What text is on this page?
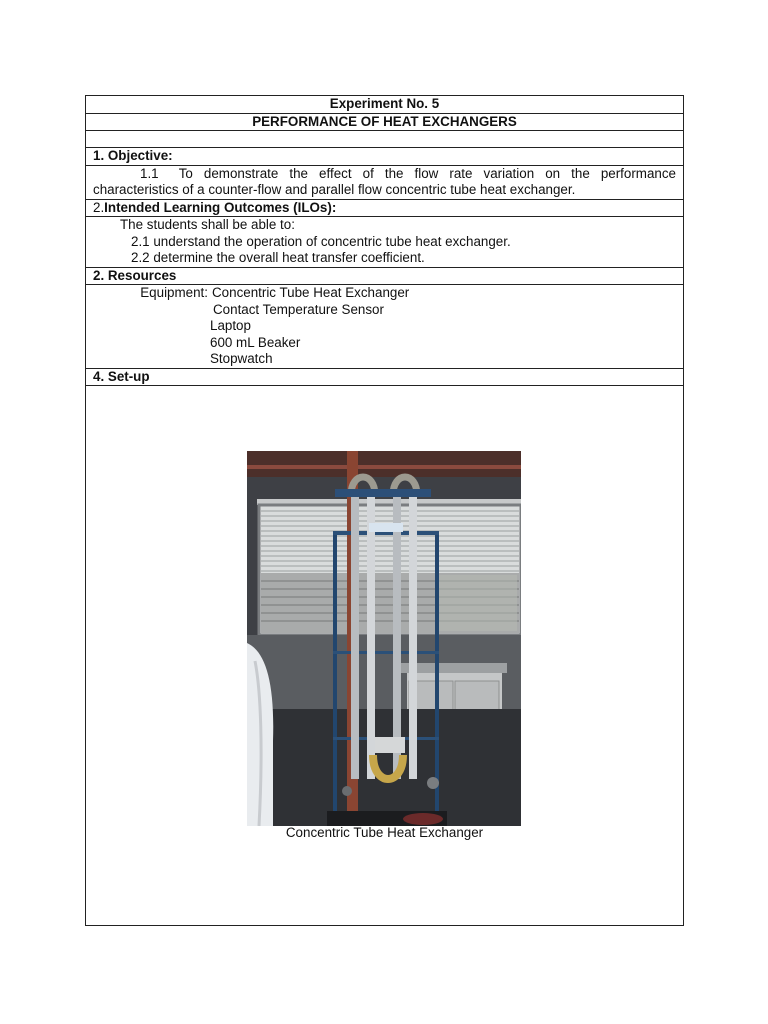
Experiment No. 5
PERFORMANCE OF HEAT EXCHANGERS
1. Objective:
1.1  To demonstrate the effect of the flow rate variation on the performance characteristics of a counter-flow and parallel flow concentric tube heat exchanger.
2.Intended Learning Outcomes (ILOs):
The students shall be able to:
2.1 understand the operation of concentric tube heat exchanger.
2.2 determine the overall heat transfer coefficient.
2. Resources
Equipment: Concentric Tube Heat Exchanger
Contact Temperature Sensor
Laptop
600 mL Beaker
Stopwatch
4. Set-up
Concentric Tube Heat Exchanger
